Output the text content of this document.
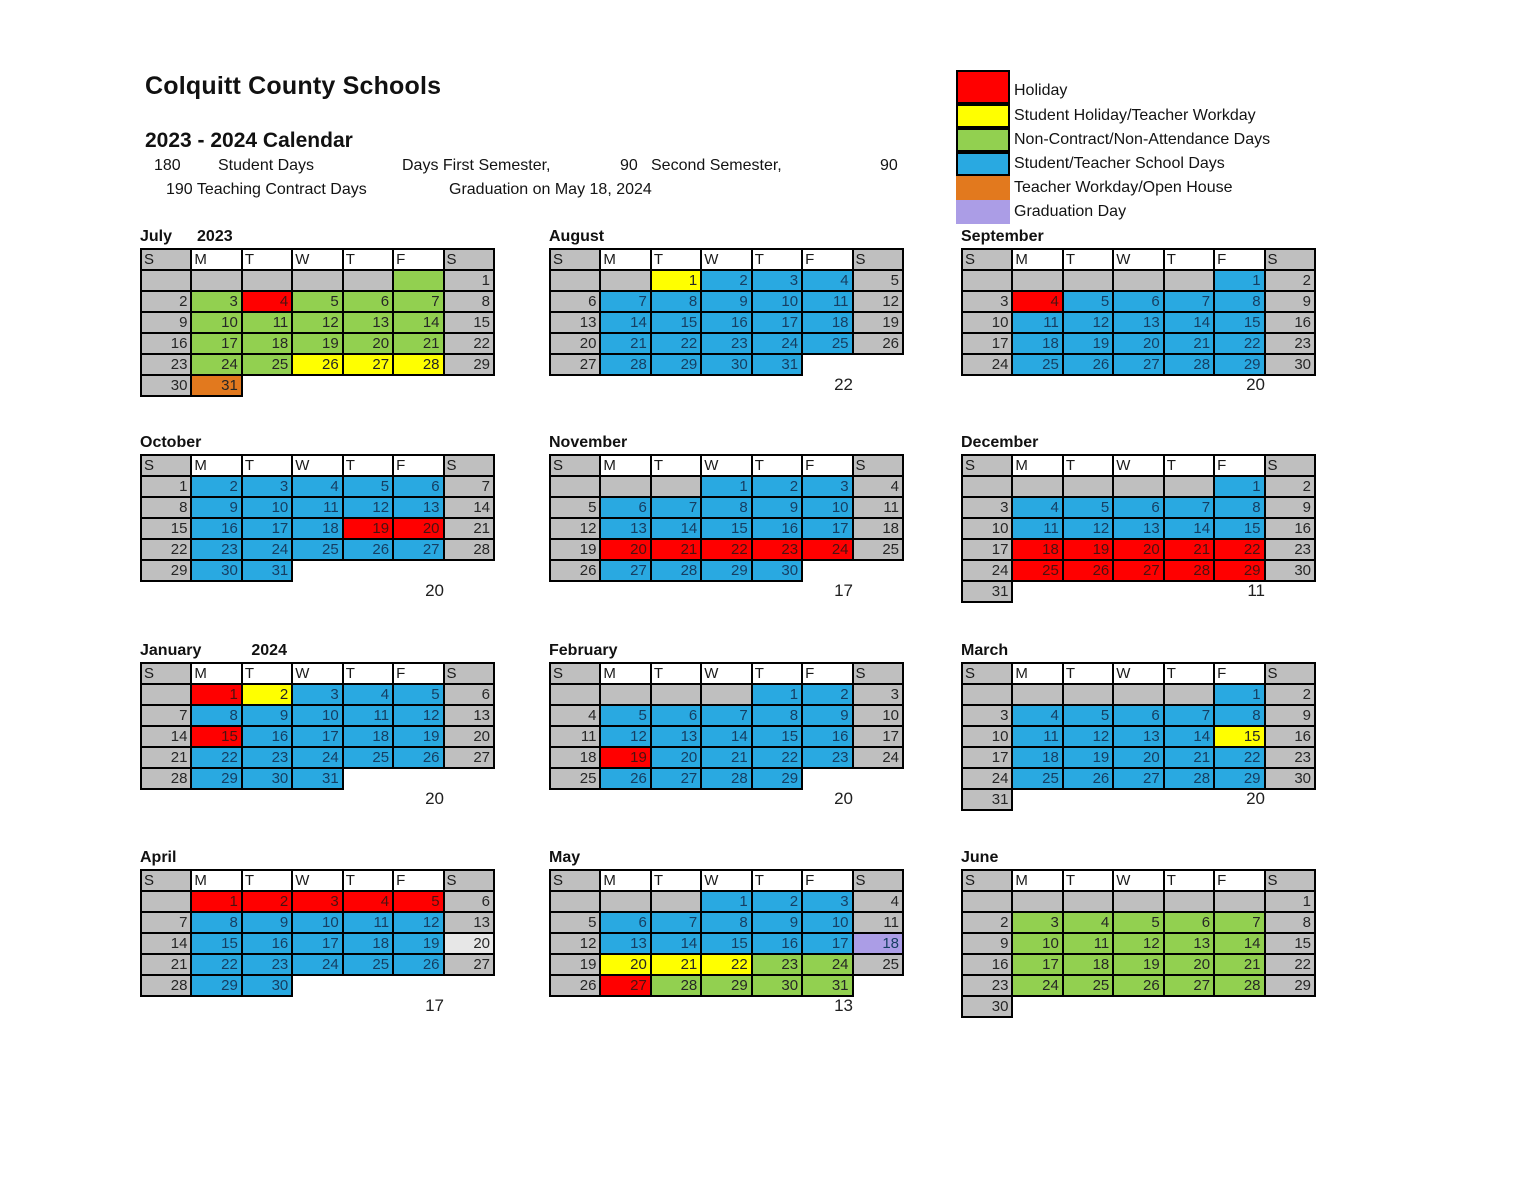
Colquitt County Schools
2023 - 2024 Calendar
180 Student Days	Days First Semester,	90 Second Semester,	90
190 Teaching Contract Days	Graduation on May 18, 2024
Holiday
Student Holiday/Teacher Workday
Non-Contract/Non-Attendance Days
Student/Teacher School Days
Teacher Workday/Open House
Graduation Day
July 2023
S	M	T	W	T	F	S
						1
2	3	4	5	6	7	8
9	10	11	12	13	14	15
16	17	18	19	20	21	22
23	24	25	26	27	28	29
30	31					
August
S	M	T	W	T	F	S
		1	2	3	4	5
6	7	8	9	10	11	12
13	14	15	16	17	18	19
20	21	22	23	24	25	26
27	28	29	30	31		
22
September
S	M	T	W	T	F	S
					1	2
3	4	5	6	7	8	9
10	11	12	13	14	15	16
17	18	19	20	21	22	23
24	25	26	27	28	29	30
20
October
S	M	T	W	T	F	S
1	2	3	4	5	6	7
8	9	10	11	12	13	14
15	16	17	18	19	20	21
22	23	24	25	26	27	28
29	30	31				
20
November
S	M	T	W	T	F	S
			1	2	3	4
5	6	7	8	9	10	11
12	13	14	15	16	17	18
19	20	21	22	23	24	25
26	27	28	29	30		
17
December
S	M	T	W	T	F	S
					1	2
3	4	5	6	7	8	9
10	11	12	13	14	15	16
17	18	19	20	21	22	23
24	25	26	27	28	29	30
31							11
January	2024
S	M	T	W	T	F	S
	1	2	3	4	5	6
7	8	9	10	11	12	13
14	15	16	17	18	19	20
21	22	23	24	25	26	27
28	29	30	31			
20
February
S	M	T	W	T	F	S
				1	2	3
4	5	6	7	8	9	10
11	12	13	14	15	16	17
18	19	20	21	22	23	24
25	26	27	28	29		
20
March
S	M	T	W	T	F	S
					1	2
3	4	5	6	7	8	9
10	11	12	13	14	15	16
17	18	19	20	21	22	23
24	25	26	27	28	29	30
31							20
April
S	M	T	W	T	F	S
	1	2	3	4	5	6
7	8	9	10	11	12	13
14	15	16	17	18	19	20
21	22	23	24	25	26	27
28	29	30				
17
May
S	M	T	W	T	F	S
			1	2	3	4
5	6	7	8	9	10	11
12	13	14	15	16	17	18
19	20	21	22	23	24	25
26	27	28	29	30	31	
13
June
S	M	T	W	T	F	S
						1
2	3	4	5	6	7	8
9	10	11	12	13	14	15
16	17	18	19	20	21	22
23	24	25	26	27	28	29
30						
